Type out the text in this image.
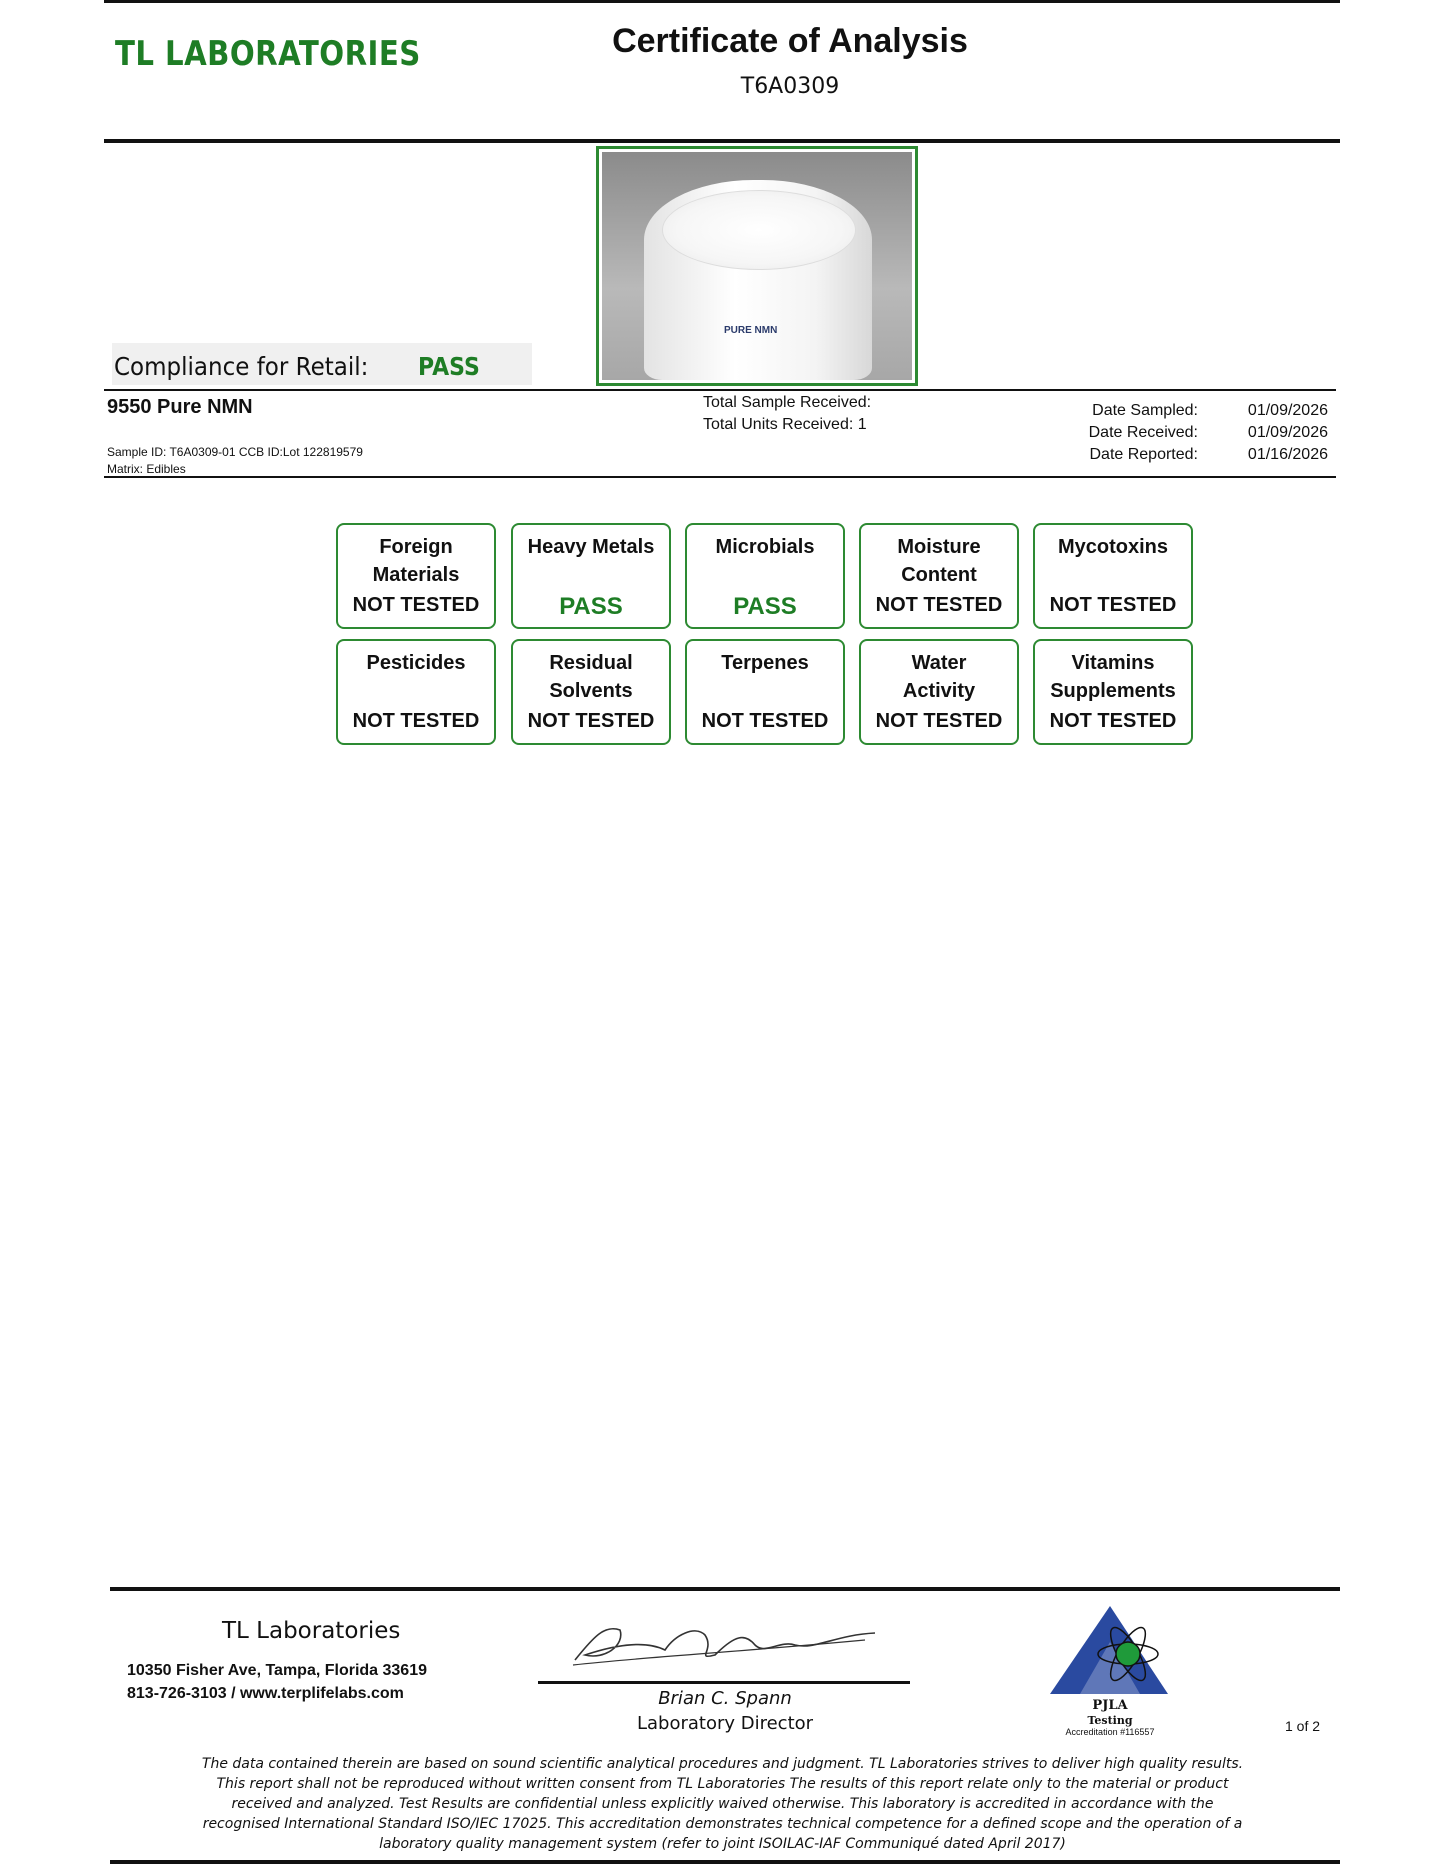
TL LABORATORIES	Certificate of Analysis
T6A0309
PURE NMN
Compliance for Retail: PASS
9550 Pure NMN
Sample ID: T6A0309-01 CCB ID:Lot 122819579
Matrix: Edibles
Total Sample Received:
Total Units Received: 1
Date Sampled:	01/09/2026
Date Received:	01/09/2026
Date Reported:	01/16/2026
Foreign
Materials
NOT TESTED
Heavy Metals
PASS
Microbials
PASS
Moisture
Content
NOT TESTED
Mycotoxins
NOT TESTED
Pesticides
NOT TESTED
Residual
Solvents
NOT TESTED
Terpenes
NOT TESTED
Water
Activity
NOT TESTED
Vitamins
Supplements
NOT TESTED
TL Laboratories
10350 Fisher Ave, Tampa, Florida 33619
813-726-3103 / www.terplifelabs.com	Brian C. Spann
Laboratory Director
PJLA
Testing
Accreditation #116557	1 of 2
The data contained therein are based on sound scientific analytical procedures and judgment. TL Laboratories strives to deliver high quality results. This report shall not be reproduced without written consent from TL Laboratories The results of this report relate only to the material or product received and analyzed. Test Results are confidential unless explicitly waived otherwise. This laboratory is accredited in accordance with the recognised International Standard ISO/IEC 17025. This accreditation demonstrates technical competence for a defined scope and the operation of a laboratory quality management system (refer to joint ISOILAC-IAF Communiqué dated April 2017)
